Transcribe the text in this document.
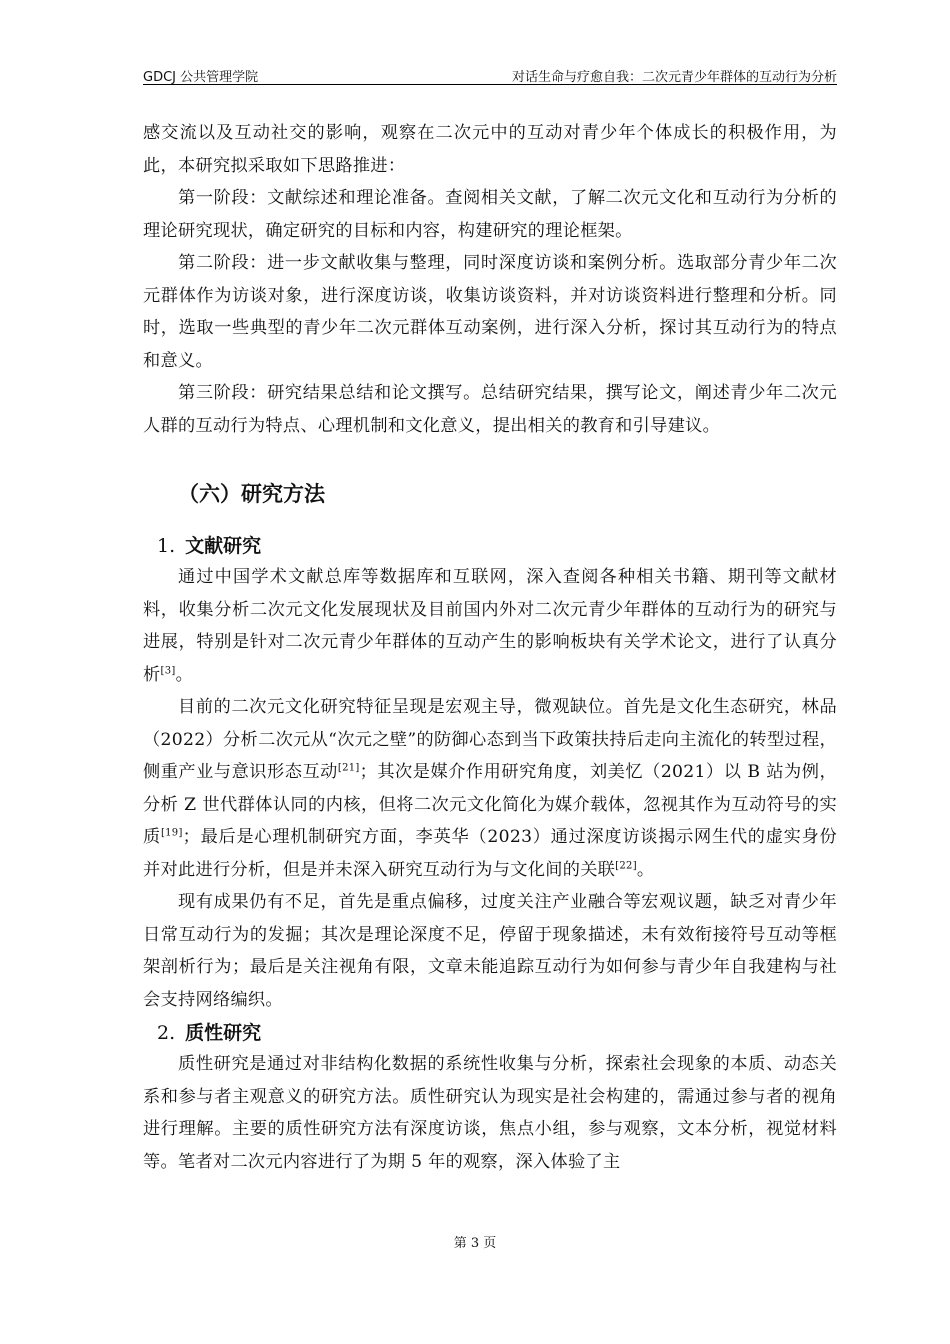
GDCJ 公共管理学院	对话生命与疗愈自我：二次元青少年群体的互动行为分析

感交流以及互动社交的影响，观察在二次元中的互动对青少年个体成长的积极作用，为此，本研究拟采取如下思路推进：

第一阶段：文献综述和理论准备。查阅相关文献，了解二次元文化和互动行为分析的理论研究现状，确定研究的目标和内容，构建研究的理论框架。

第二阶段：进一步文献收集与整理，同时深度访谈和案例分析。选取部分青少年二次元群体作为访谈对象，进行深度访谈，收集访谈资料，并对访谈资料进行整理和分析。同时，选取一些典型的青少年二次元群体互动案例，进行深入分析，探讨其互动行为的特点和意义。

第三阶段：研究结果总结和论文撰写。总结研究结果，撰写论文，阐述青少年二次元人群的互动行为特点、心理机制和文化意义，提出相关的教育和引导建议。

（六）研究方法
1. 文献研究

通过中国学术文献总库等数据库和互联网，深入查阅各种相关书籍、期刊等文献材料，收集分析二次元文化发展现状及目前国内外对二次元青少年群体的互动行为的研究与进展，特别是针对二次元青少年群体的互动产生的影响板块有关学术论文，进行了认真分析[3]。

目前的二次元文化研究特征呈现是宏观主导，微观缺位。首先是文化生态研究，林品（2022）分析二次元从“次元之壁”的防御心态到当下政策扶持后走向主流化的转型过程，侧重产业与意识形态互动[21]；其次是媒介作用研究角度，刘美忆（2021）以 B 站为例，分析 Z 世代群体认同的内核，但将二次元文化简化为媒介载体，忽视其作为互动符号的实质[19]；最后是心理机制研究方面，李英华（2023）通过深度访谈揭示网生代的虚实身份并对此进行分析，但是并未深入研究互动行为与文化间的关联[22]。

现有成果仍有不足，首先是重点偏移，过度关注产业融合等宏观议题，缺乏对青少年日常互动行为的发掘；其次是理论深度不足，停留于现象描述，未有效衔接符号互动等框架剖析行为；最后是关注视角有限，文章未能追踪互动行为如何参与青少年自我建构与社会支持网络编织。

2. 质性研究

质性研究是通过对非结构化数据的系统性收集与分析，探索社会现象的本质、动态关系和参与者主观意义的研究方法。质性研究认为现实是社会构建的，需通过参与者的视角进行理解。主要的质性研究方法有深度访谈，焦点小组，参与观察，文本分析，视觉材料等。笔者对二次元内容进行了为期 5 年的观察，深入体验了主

第 3 页
